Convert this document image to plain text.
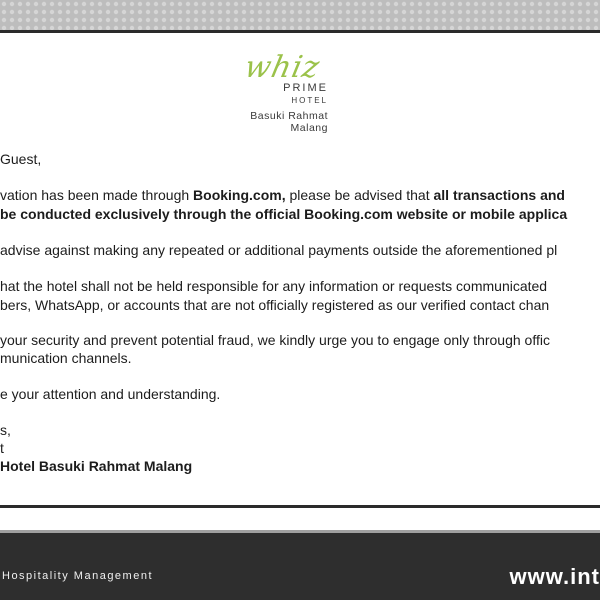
whiz
PRIME
HOTEL
Basuki Rahmat
Malang
Guest,
vation has been made through Booking.com, please be advised that all transactions and
be conducted exclusively through the official Booking.com website or mobile applica
advise against making any repeated or additional payments outside the aforementioned pl
hat the hotel shall not be held responsible for any information or requests communicated
bers, WhatsApp, or accounts that are not officially registered as our verified contact chan
your security and prevent potential fraud, we kindly urge you to engage only through offic
munication channels.
e your attention and understanding.
s,
t
Hotel Basuki Rahmat Malang
Hospitality Management	www.int
